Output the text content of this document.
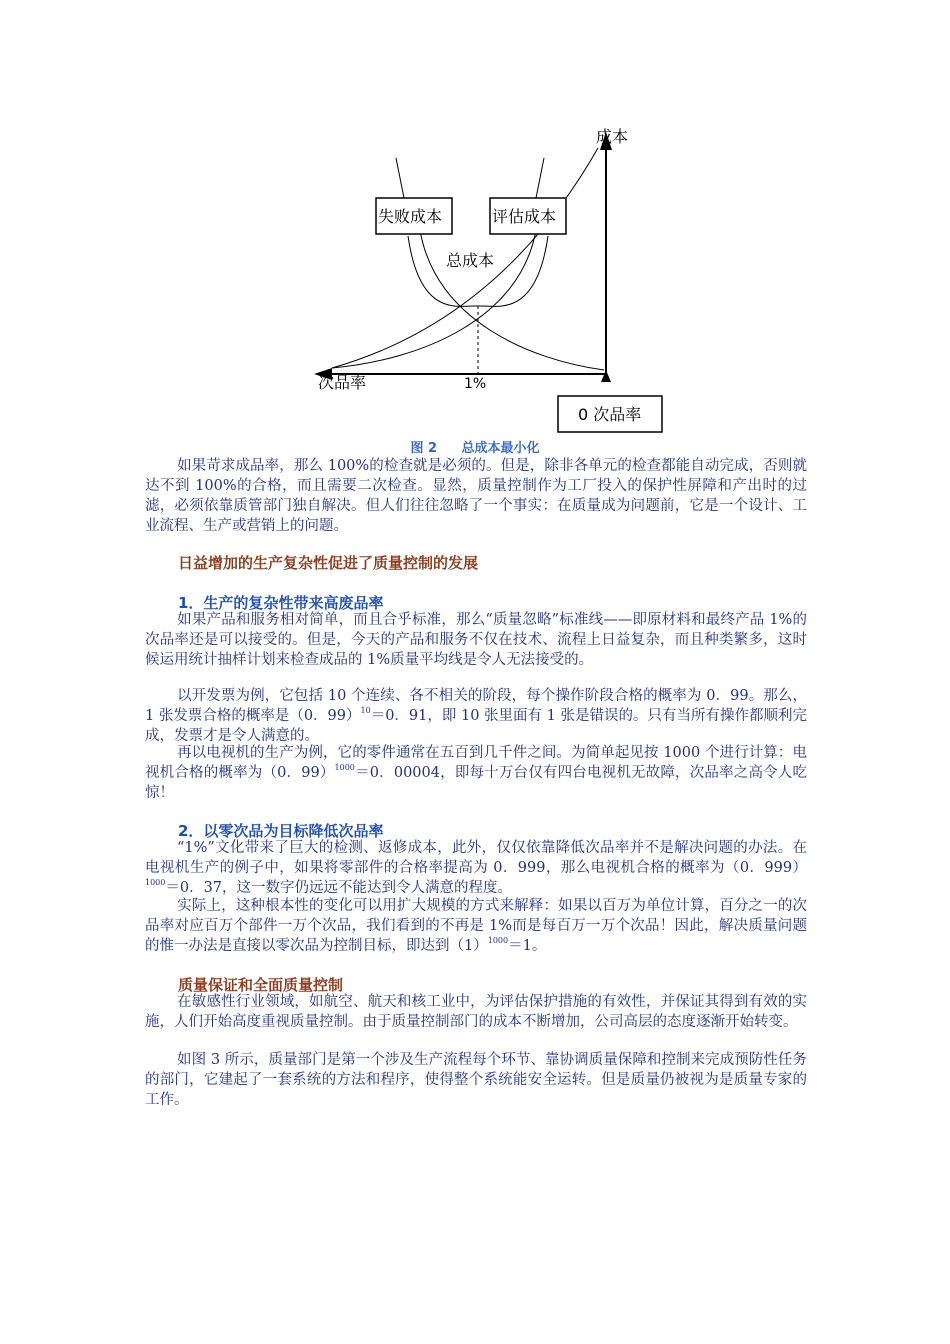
成本
次品率
失败成本	评估成本
总成本
1%
0 次品率
图 2 总成本最小化

如果苛求成品率，那么 100%的检查就是必须的。但是，除非各单元的检查都能自动完成，否则就达不到 100%的合格，而且需要二次检查。显然，质量控制作为工厂投入的保护性屏障和产出时的过滤，必须依靠质管部门独自解决。但人们往往忽略了一个事实：在质量成为问题前，它是一个设计、工业流程、生产或营销上的问题。

日益增加的生产复杂性促进了质量控制的发展

1．生产的复杂性带来高废品率

如果产品和服务相对简单，而且合乎标准，那么“质量忽略”标准线——即原材料和最终产品 1%的次品率还是可以接受的。但是，今天的产品和服务不仅在技术、流程上日益复杂，而且种类繁多，这时候运用统计抽样计划来检查成品的 1%质量平均线是令人无法接受的。

以开发票为例，它包括 10 个连续、各不相关的阶段，每个操作阶段合格的概率为 0．99。那么，1 张发票合格的概率是（0．99）$^{10}$＝0．91，即 10 张里面有 1 张是错误的。只有当所有操作都顺利完成，发票才是令人满意的。

再以电视机的生产为例，它的零件通常在五百到几千件之间。为简单起见按 1000 个进行计算：电视机合格的概率为（0．99）$^{1000}$＝0．00004，即每十万台仅有四台电视机无故障，次品率之高令人吃惊！

2．以零次品为目标降低次品率

“1%”文化带来了巨大的检测、返修成本，此外，仅仅依靠降低次品率并不是解决问题的办法。在电视机生产的例子中，如果将零部件的合格率提高为 0．999，那么电视机合格的概率为（0．999）$^{1000}$＝0．37，这一数字仍远远不能达到令人满意的程度。

实际上，这种根本性的变化可以用扩大规模的方式来解释：如果以百万为单位计算，百分之一的次品率对应百万个部件一万个次品，我们看到的不再是 1%而是每百万一万个次品！因此，解决质量问题的惟一办法是直接以零次品为控制目标，即达到$(1)^{1000}=1$。

质量保证和全面质量控制

在敏感性行业领域，如航空、航天和核工业中，为评估保护措施的有效性，并保证其得到有效的实施，人们开始高度重视质量控制。由于质量控制部门的成本不断增加，公司高层的态度逐渐开始转变。

如图 3 所示，质量部门是第一个涉及生产流程每个环节、靠协调质量保障和控制来完成预防性任务的部门，它建起了一套系统的方法和程序，使得整个系统能安全运转。但是质量仍被视为是质量专家的工作。
